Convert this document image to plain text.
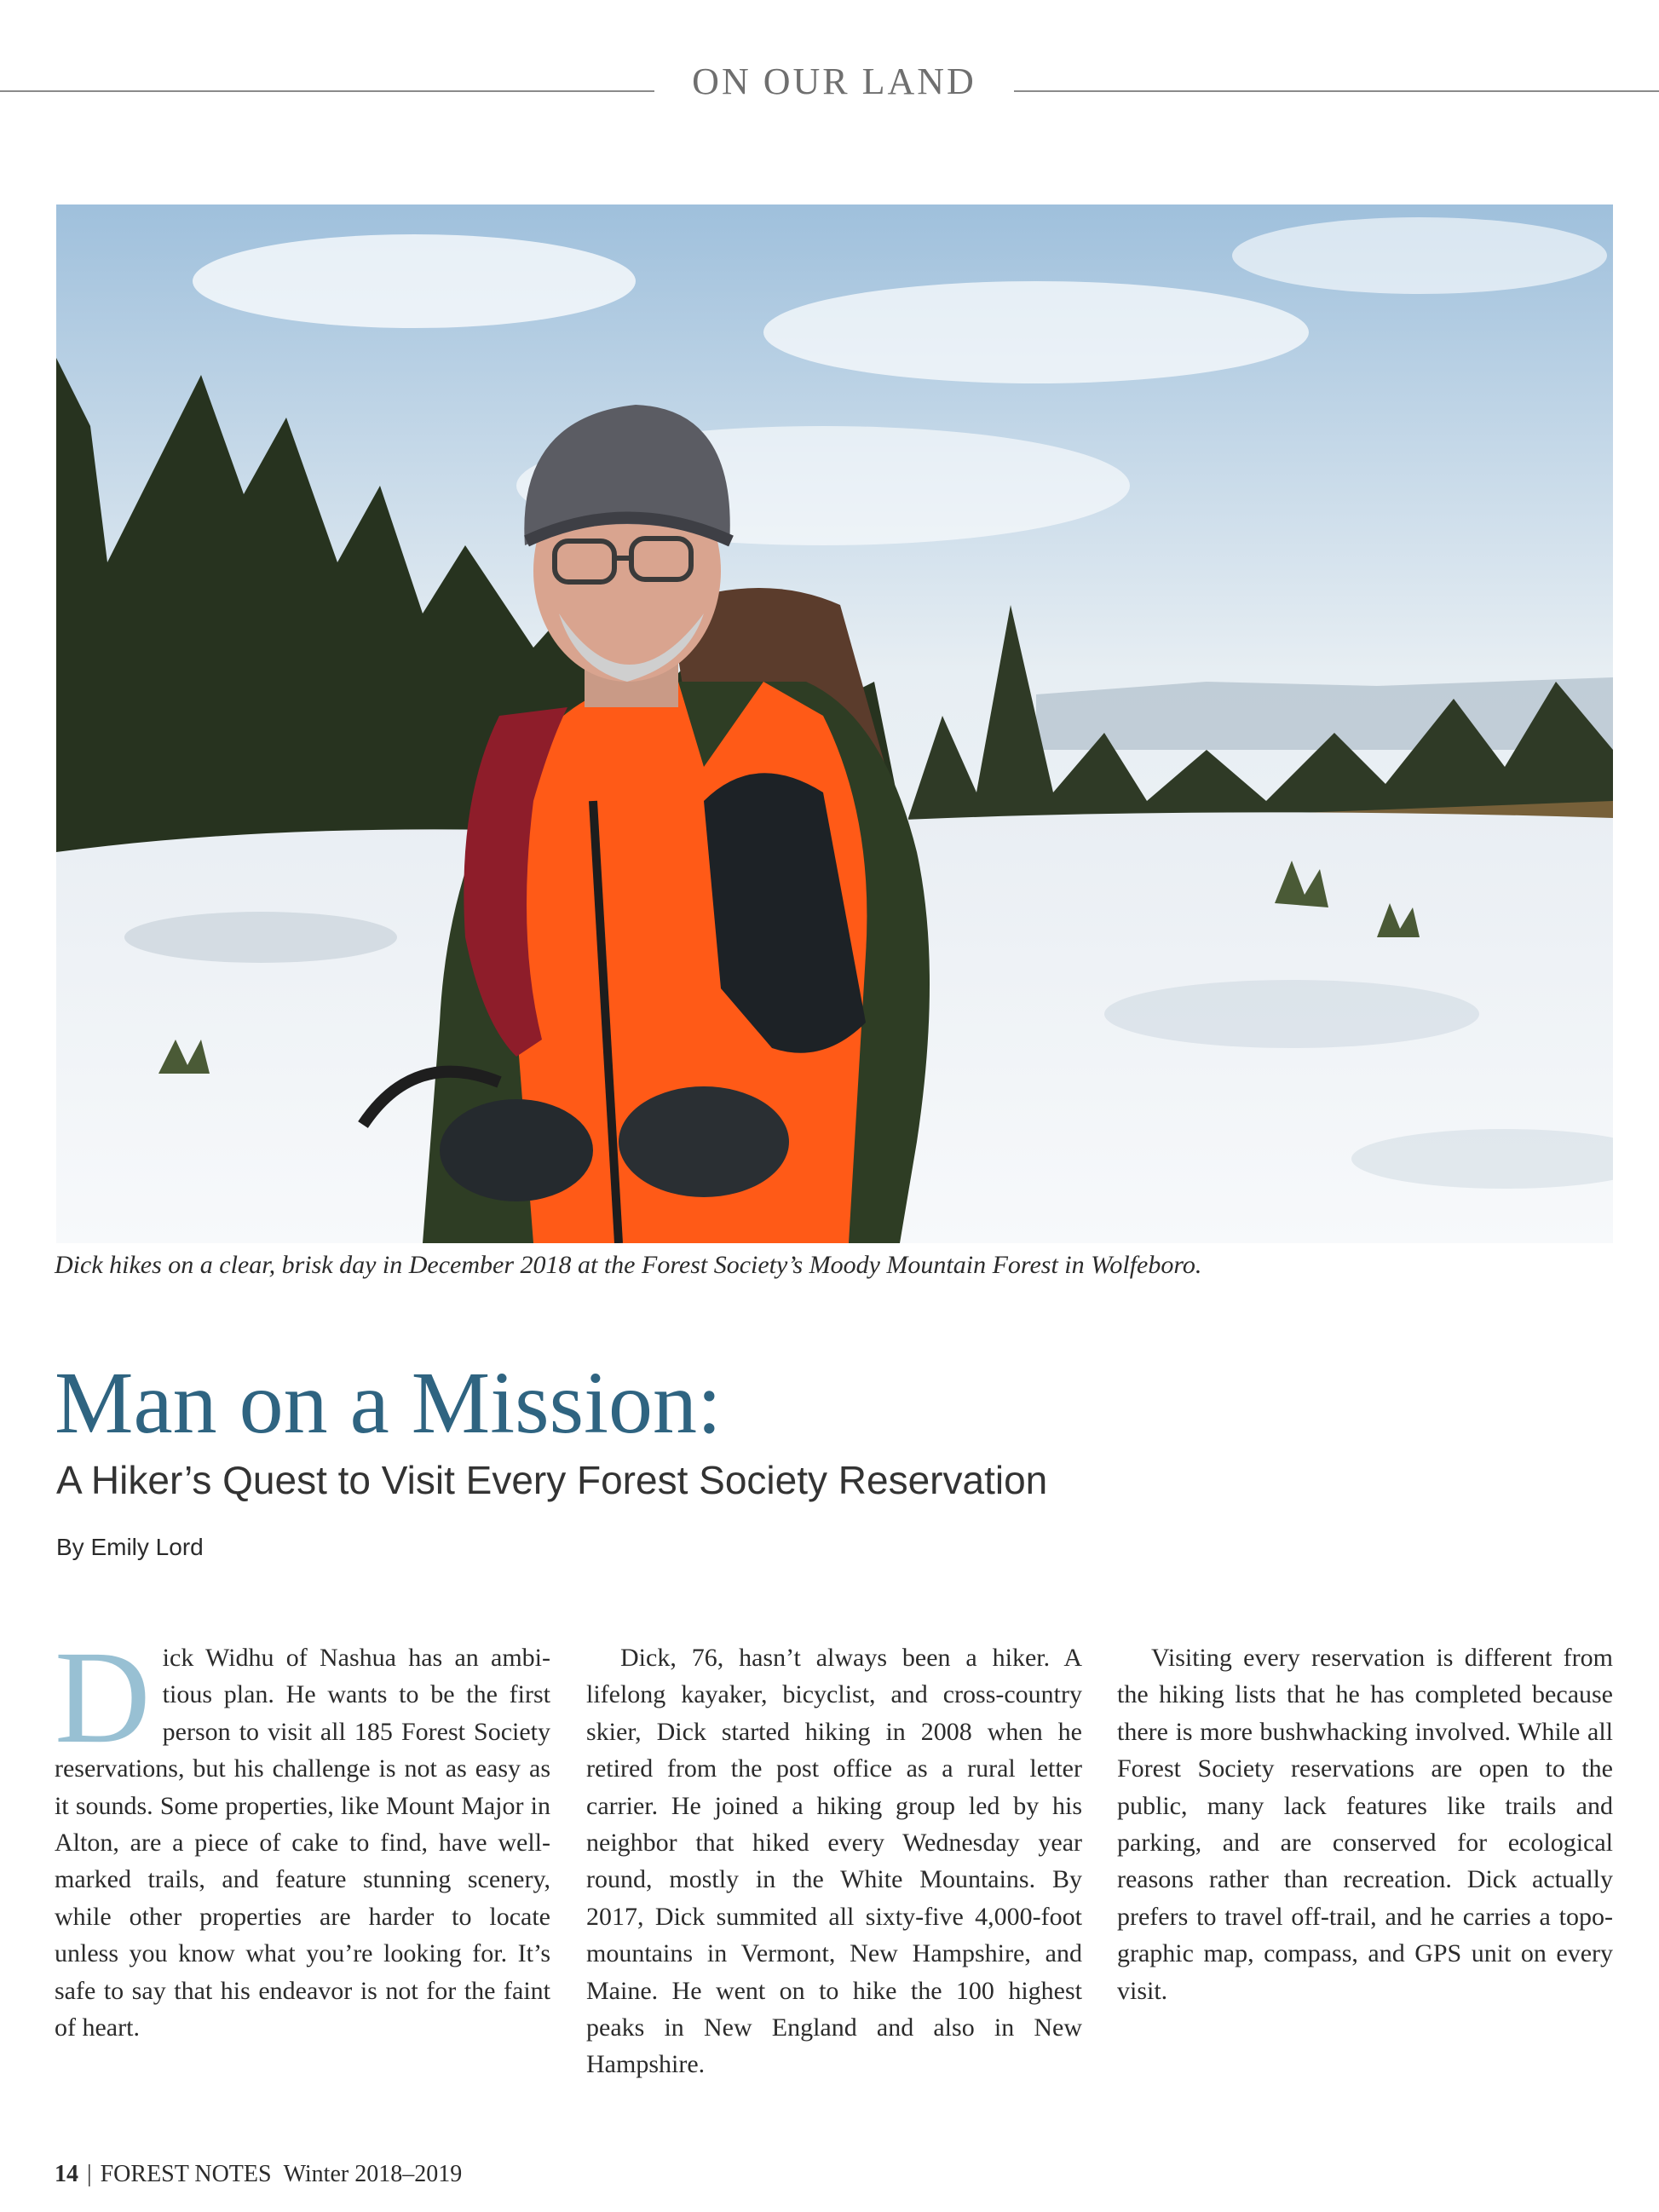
ON OUR LAND
Dick hikes on a clear, brisk day in December 2018 at the Forest Society’s Moody Mountain Forest in Wolfeboro.
Man on a Mission:
A Hiker’s Quest to Visit Every Forest Society Reservation
By Emily Lord
D ick Widhu of Nashua has an ambitious plan. He wants to be the first person to visit all 185 Forest Society reservations, but his challenge is not as easy as it sounds. Some properties, like Mount Major in Alton, are a piece of cake to find, have well-marked trails, and feature stunning scenery, while other properties are harder to locate unless you know what you’re looking for. It’s safe to say that his endeavor is not for the faint of heart.

Dick, 76, hasn’t always been a hiker. A lifelong kayaker, bicyclist, and cross-country skier, Dick started hiking in 2008 when he retired from the post office as a rural letter carrier. He joined a hiking group led by his neighbor that hiked every Wednesday year round, mostly in the White Mountains. By 2017, Dick summited all sixty-five 4,000-foot mountains in Vermont, New Hampshire, and Maine. He went on to hike the 100 highest peaks in New England and also in New Hampshire.

Visiting every reservation is different from the hiking lists that he has completed because there is more bushwhacking involved. While all Forest Society reservations are open to the public, many lack features like trails and parking, and are conserved for ecological reasons rather than recreation. Dick actually prefers to travel off-trail, and he carries a topographic map, compass, and GPS unit on every visit.

14 | FOREST NOTES Winter 2018–2019
